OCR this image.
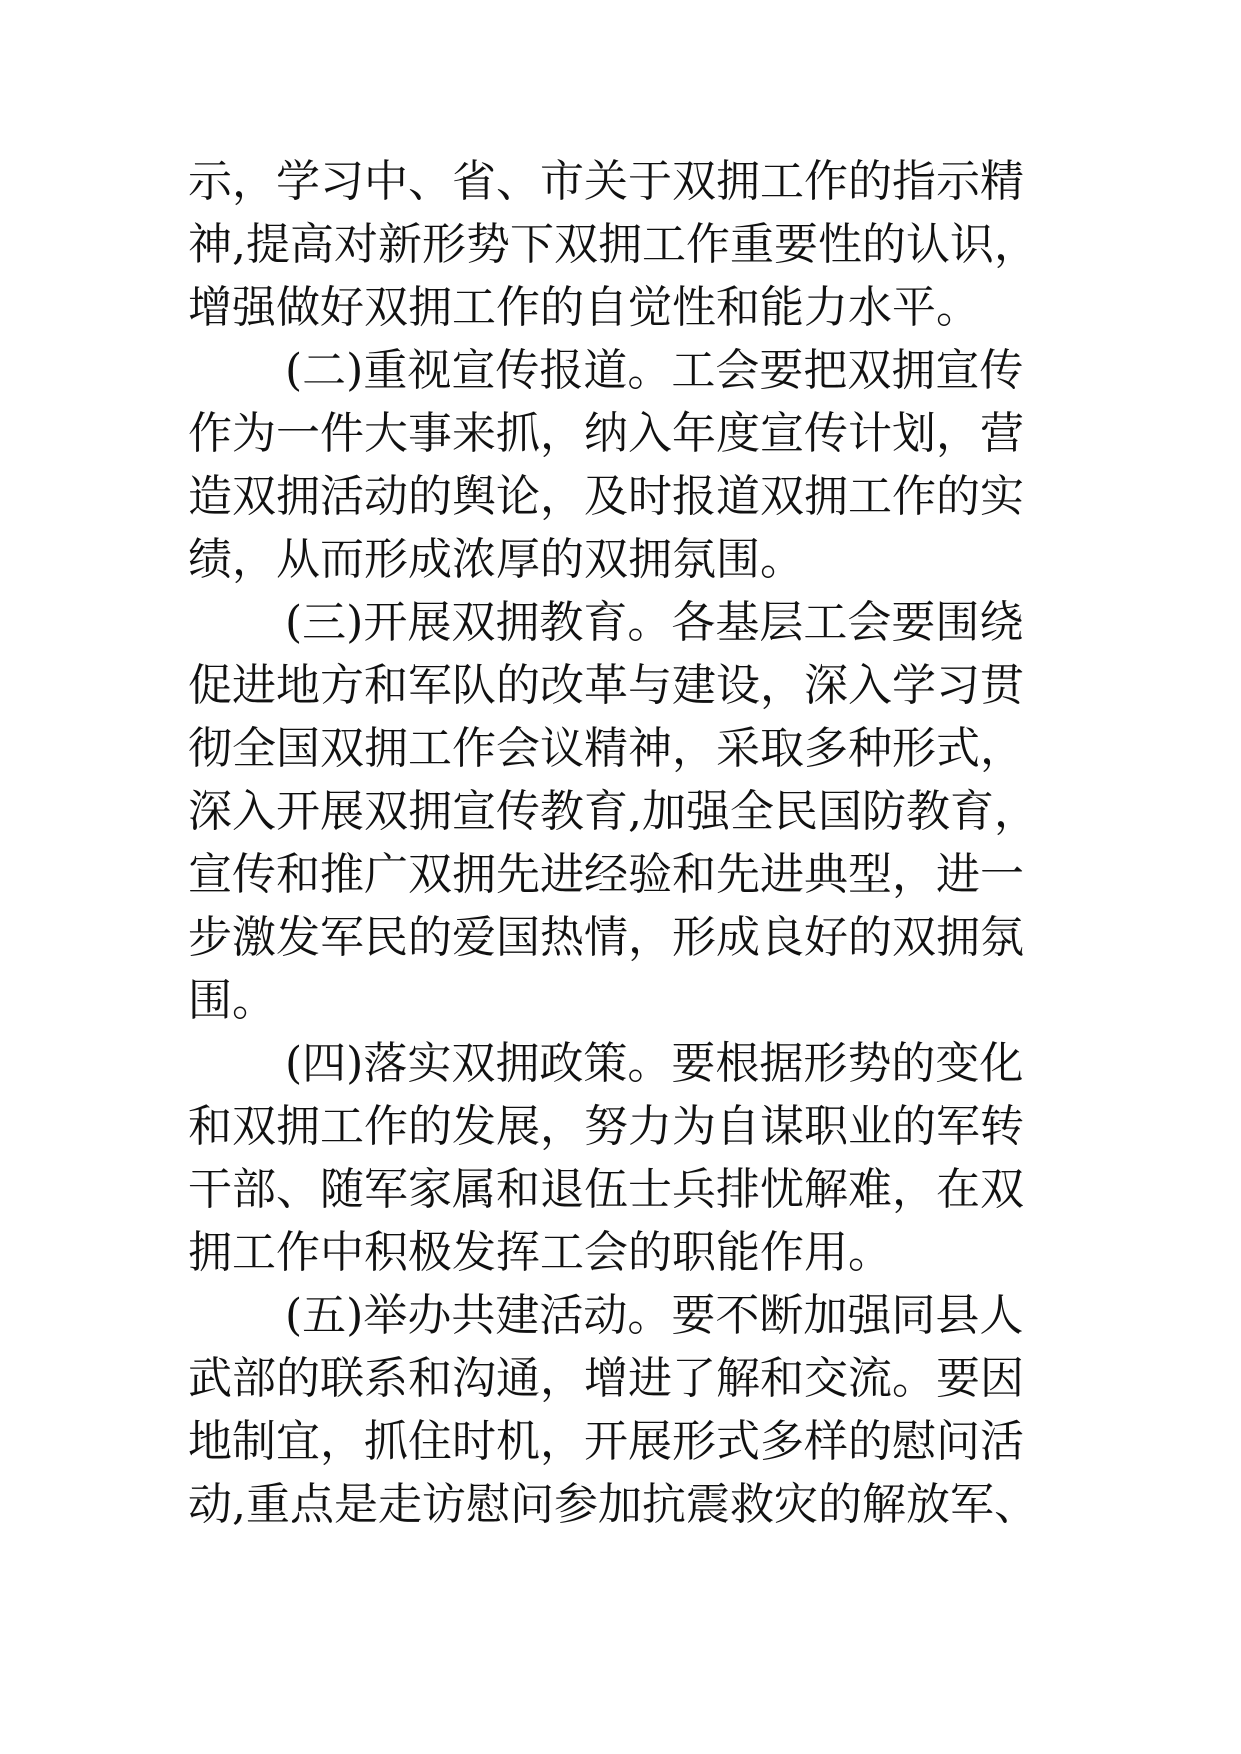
示，学习中、省、市关于双拥工作的指示精
神,提高对新形势下双拥工作重要性的认识，
增强做好双拥工作的自觉性和能力水平。
(二)重视宣传报道。工会要把双拥宣传
作为一件大事来抓，纳入年度宣传计划，营
造双拥活动的舆论，及时报道双拥工作的实
绩，从而形成浓厚的双拥氛围。
(三)开展双拥教育。各基层工会要围绕
促进地方和军队的改革与建设，深入学习贯
彻全国双拥工作会议精神，采取多种形式，
深入开展双拥宣传教育,加强全民国防教育，
宣传和推广双拥先进经验和先进典型，进一
步激发军民的爱国热情，形成良好的双拥氛
围。
(四)落实双拥政策。要根据形势的变化
和双拥工作的发展，努力为自谋职业的军转
干部、随军家属和退伍士兵排忧解难，在双
拥工作中积极发挥工会的职能作用。
(五)举办共建活动。要不断加强同县人
武部的联系和沟通，增进了解和交流。要因
地制宜，抓住时机，开展形式多样的慰问活
动,重点是走访慰问参加抗震救灾的解放军、
